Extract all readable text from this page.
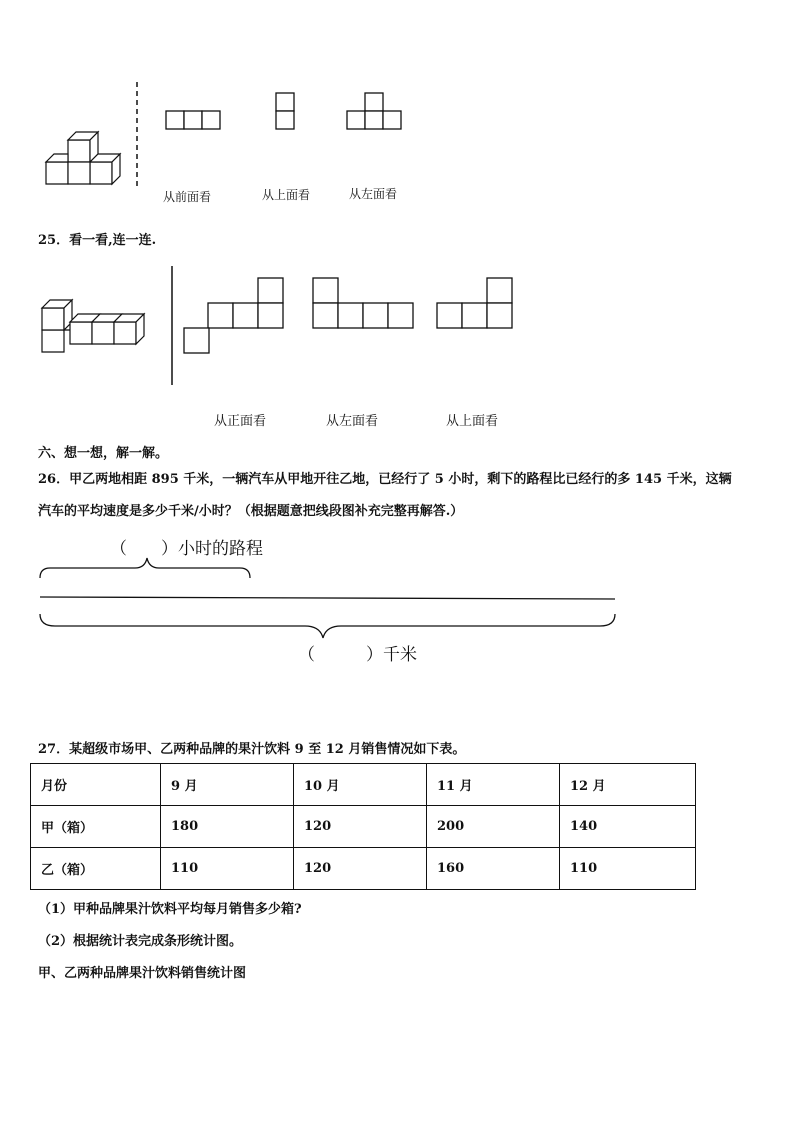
从前面看	从上面看	从左面看
25．看一看,连一连.
从正面看	从左面看	从上面看
六、想一想，解一解。
26．甲乙两地相距 895 千米，一辆汽车从甲地开往乙地，已经行了 5 小时，剩下的路程比已经行的多 145 千米，这辆
汽车的平均速度是多少千米/小时？（根据题意把线段图补充完整再解答.）
（　　）小时的路程
（　　　）千米
27．某超级市场甲、乙两种品牌的果汁饮料 9 至 12 月销售情况如下表。
月份	9 月	10 月	11 月	12 月
甲（箱）	180	120	200	140
乙（箱）	110	120	160	110
（1）甲种品牌果汁饮料平均每月销售多少箱?
（2）根据统计表完成条形统计图。
甲、乙两种品牌果汁饮料销售统计图
